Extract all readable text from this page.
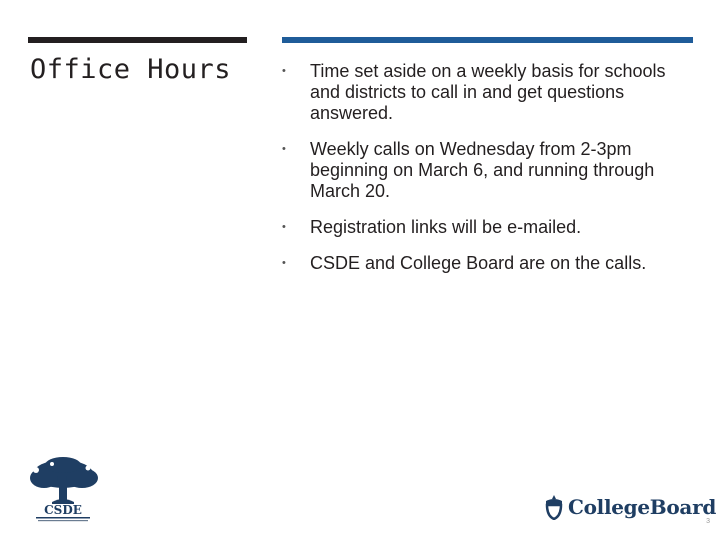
Office Hours	•	Time set aside on a weekly basis for schools and districts to call in and get questions answered.
•	Weekly calls on Wednesday from 2-3pm beginning on March 6, and running through March 20.
•	Registration links will be e-mailed.
•	CSDE and College Board are on the calls.
CSDE	CollegeBoard
3
